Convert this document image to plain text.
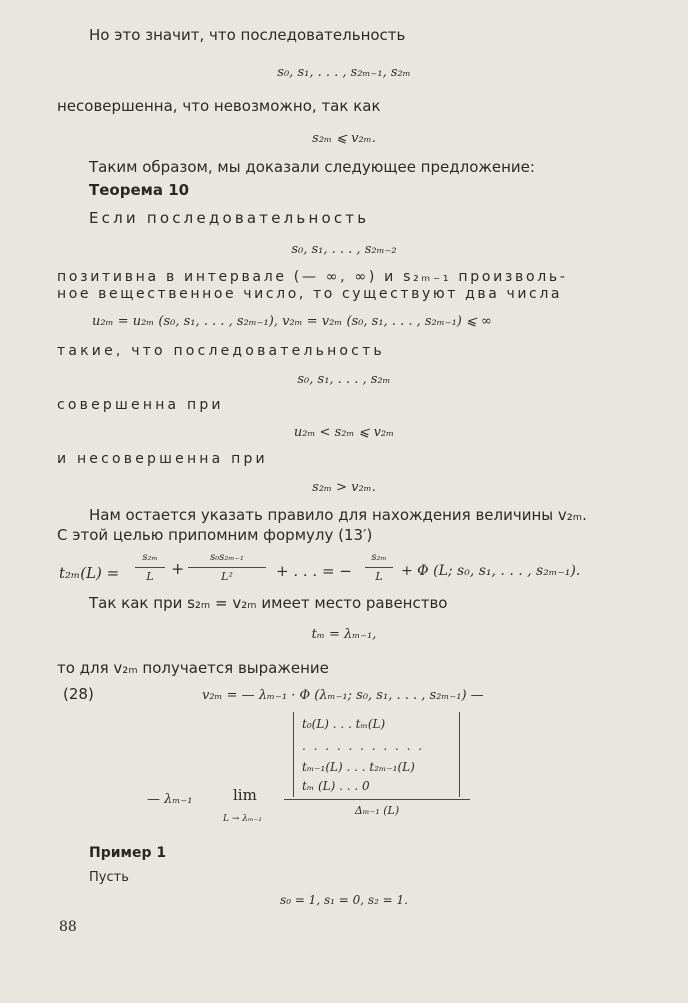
Но это значит, что последовательность
s₀, s₁, . . . , s₂ₘ₋₁, s₂ₘ
несовершенна, что невозможно, так как
s₂ₘ ⩽ v₂ₘ.
Таким образом, мы доказали следующее предложение:
Теорема 10
Если последовательность
s₀, s₁, . . . , s₂ₘ₋₂
позитивна в интервале (— ∞, ∞) и s₂ₘ₋₁ произволь-
ное вещественное число, то существуют два числа
u₂ₘ = u₂ₘ (s₀, s₁, . . . , s₂ₘ₋₁), v₂ₘ = v₂ₘ (s₀, s₁, . . . , s₂ₘ₋₁) ⩽ ∞
такие, что последовательность
s₀, s₁, . . . , s₂ₘ
совершенна при
u₂ₘ < s₂ₘ ⩽ v₂ₘ
и несовершенна при
s₂ₘ > v₂ₘ.
Нам остается указать правило для нахождения величины v₂ₘ.
С этой целью припомним формулу (13′)
t₂ₘ(L) =
s₂ₘ
L	+
s₀s₂ₘ₋₁
L²	+ . . . = −
s₂ₘ
L	+ Φ (L; s₀, s₁, . . . , s₂ₘ₋₁).
Так как при s₂ₘ = v₂ₘ имеет место равенство
tₘ = λₘ₋₁,
то для v₂ₘ получается выражение
(28)	v₂ₘ = — λₘ₋₁ · Φ (λₘ₋₁; s₀, s₁, . . . , s₂ₘ₋₁) —
— λₘ₋₁	lim
L → λₘ₋₁
t₀(L) . . . tₘ(L)
. . . . . . . . . . .
tₘ₋₁(L) . . . t₂ₘ₋₁(L)
tₘ (L) . . . 0
Δₘ₋₁ (L)
Пример 1
Пусть
s₀ = 1, s₁ = 0, s₂ = 1.
88
